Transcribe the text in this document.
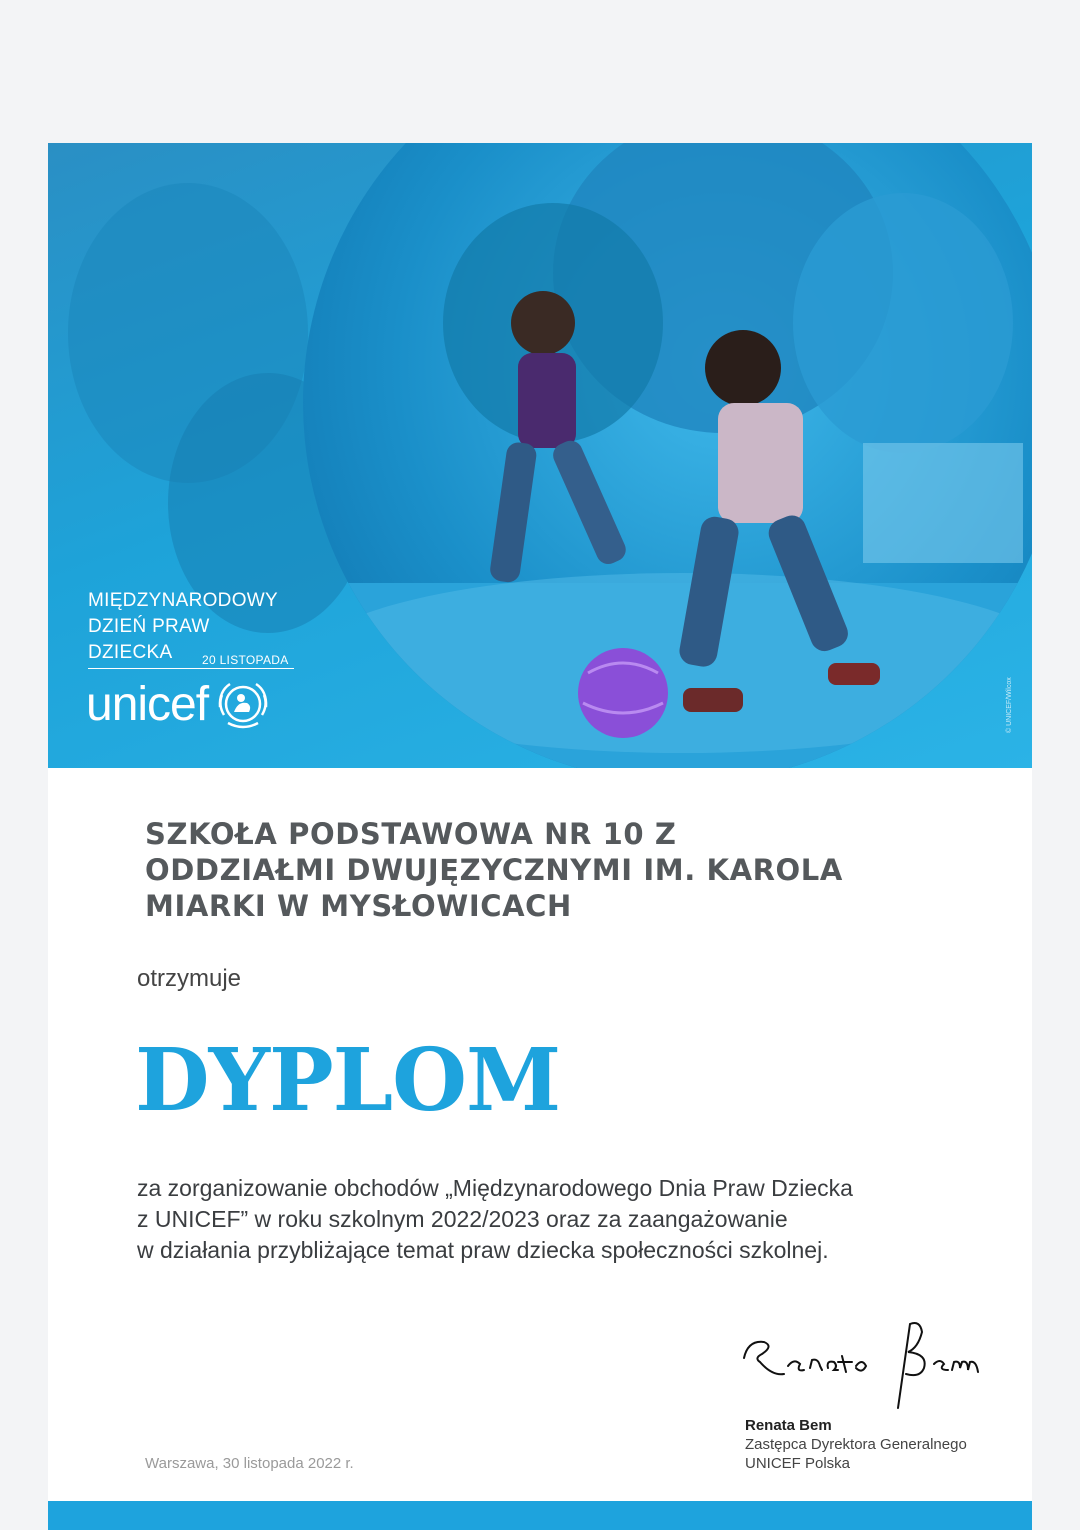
MIĘDZYNARODOWY
DZIEŃ PRAW
DZIECKA	20 LISTOPADA
unicef	© UNICEF/Wilcox
SZKOŁA PODSTAWOWA NR 10 Z
ODDZIAŁMI DWUJĘZYCZNYMI IM. KAROLA
MIARKI W MYSŁOWICACH
otrzymuje
DYPLOM
za zorganizowanie obchodów „Międzynarodowego Dnia Praw Dziecka
z UNICEF” w roku szkolnym 2022/2023 oraz za zaangażowanie
w działania przybliżające temat praw dziecka społeczności szkolnej.
Renata Bem
Zastępca Dyrektora Generalnego
UNICEF Polska
Warszawa, 30 listopada 2022 r.
